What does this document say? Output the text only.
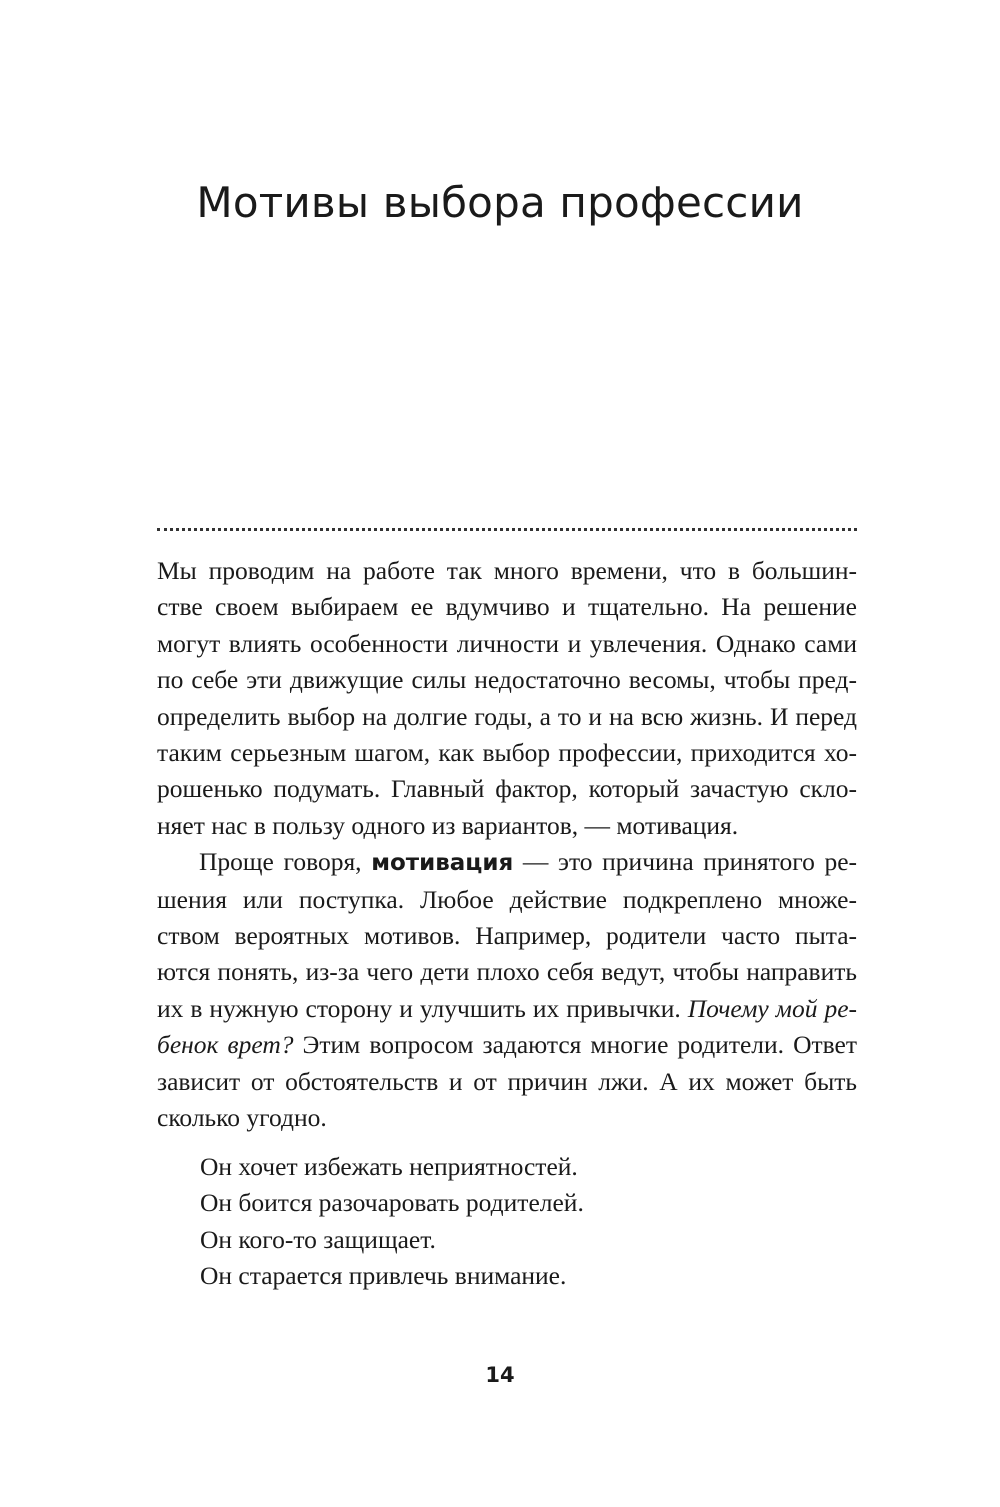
Мотивы выбора профессии

Мы проводим на работе так много времени, что в большин-
стве своем выбираем ее вдумчиво и тщательно. На решение
могут влиять особенности личности и увлечения. Однако сами
по себе эти движущие силы недостаточно весомы, чтобы пред-
определить выбор на долгие годы, а то и на всю жизнь. И перед
таким серьезным шагом, как выбор профессии, приходится хо-
рошенько подумать. Главный фактор, который зачастую скло-
няет нас в пользу одного из вариантов, — мотивация.

Проще говоря, мотивация — это причина принятого ре-
шения или поступка. Любое действие подкреплено множе-
ством вероятных мотивов. Например, родители часто пыта-
ются понять, из-за чего дети плохо себя ведут, чтобы направить
их в нужную сторону и улучшить их привычки. Почему мой ре-
бенок врет? Этим вопросом задаются многие родители. Ответ
зависит от обстоятельств и от причин лжи. А их может быть
сколько угодно.

Он хочет избежать неприятностей.
Он боится разочаровать родителей.
Он кого-то защищает.
Он старается привлечь внимание.
14
